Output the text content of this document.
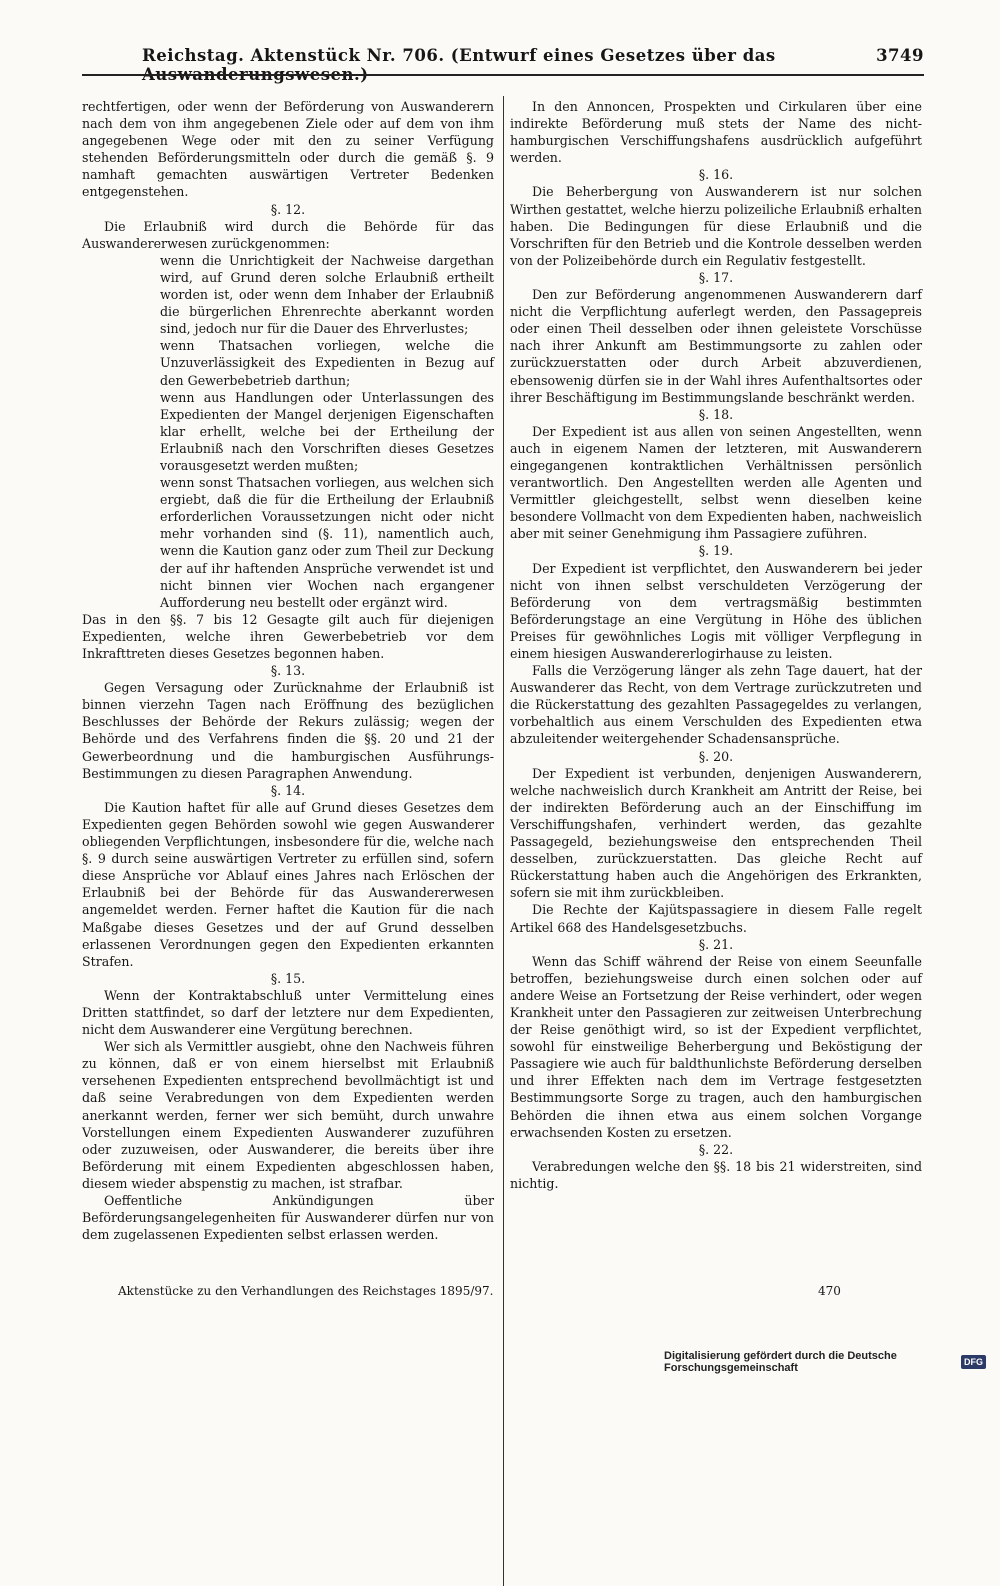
Reichstag. Aktenstück Nr. 706. (Entwurf eines Gesetzes über das Auswanderungswesen.)
3749

rechtfertigen, oder wenn der Beförderung von Auswanderern nach dem von ihm angegebenen Ziele oder auf dem von ihm angegebenen Wege oder mit den zu seiner Verfügung stehenden Beförderungsmitteln oder durch die gemäß §. 9 namhaft gemachten auswärtigen Vertreter Bedenken entgegenstehen.

§. 12.

Die Erlaubniß wird durch die Behörde für das Auswandererwesen zurückgenommen:

wenn die Unrichtigkeit der Nachweise dargethan wird, auf Grund deren solche Erlaubniß ertheilt worden ist, oder wenn dem Inhaber der Erlaubniß die bürgerlichen Ehrenrechte aberkannt worden sind, jedoch nur für die Dauer des Ehrverlustes;

wenn Thatsachen vorliegen, welche die Unzuverlässigkeit des Expedienten in Bezug auf den Gewerbebetrieb darthun;

wenn aus Handlungen oder Unterlassungen des Expedienten der Mangel derjenigen Eigenschaften klar erhellt, welche bei der Ertheilung der Erlaubniß nach den Vorschriften dieses Gesetzes vorausgesetzt werden mußten;

wenn sonst Thatsachen vorliegen, aus welchen sich ergiebt, daß die für die Ertheilung der Erlaubniß erforderlichen Voraussetzungen nicht oder nicht mehr vorhanden sind (§. 11), namentlich auch, wenn die Kaution ganz oder zum Theil zur Deckung der auf ihr haftenden Ansprüche verwendet ist und nicht binnen vier Wochen nach ergangener Aufforderung neu bestellt oder ergänzt wird.

Das in den §§. 7 bis 12 Gesagte gilt auch für diejenigen Expedienten, welche ihren Gewerbebetrieb vor dem Inkrafttreten dieses Gesetzes begonnen haben.

§. 13.

Gegen Versagung oder Zurücknahme der Erlaubniß ist binnen vierzehn Tagen nach Eröffnung des bezüglichen Beschlusses der Behörde der Rekurs zulässig; wegen der Behörde und des Verfahrens finden die §§. 20 und 21 der Gewerbeordnung und die hamburgischen Ausführungs-Bestimmungen zu diesen Paragraphen Anwendung.

§. 14.

Die Kaution haftet für alle auf Grund dieses Gesetzes dem Expedienten gegen Behörden sowohl wie gegen Auswanderer obliegenden Verpflichtungen, insbesondere für die, welche nach §. 9 durch seine auswärtigen Vertreter zu erfüllen sind, sofern diese Ansprüche vor Ablauf eines Jahres nach Erlöschen der Erlaubniß bei der Behörde für das Auswandererwesen angemeldet werden. Ferner haftet die Kaution für die nach Maßgabe dieses Gesetzes und der auf Grund desselben erlassenen Verordnungen gegen den Expedienten erkannten Strafen.

§. 15.

Wenn der Kontraktabschluß unter Vermittelung eines Dritten stattfindet, so darf der letztere nur dem Expedienten, nicht dem Auswanderer eine Vergütung berechnen.

Wer sich als Vermittler ausgiebt, ohne den Nachweis führen zu können, daß er von einem hierselbst mit Erlaubniß versehenen Expedienten entsprechend bevollmächtigt ist und daß seine Verabredungen von dem Expedienten werden anerkannt werden, ferner wer sich bemüht, durch unwahre Vorstellungen einem Expedienten Auswanderer zuzuführen oder zuzuweisen, oder Auswanderer, die bereits über ihre Beförderung mit einem Expedienten abgeschlossen haben, diesem wieder abspenstig zu machen, ist strafbar.

Oeffentliche Ankündigungen über Beförderungsangelegenheiten für Auswanderer dürfen nur von dem zugelassenen Expedienten selbst erlassen werden.

In den Annoncen, Prospekten und Cirkularen über eine indirekte Beförderung muß stets der Name des nicht-hamburgischen Verschiffungshafens ausdrücklich aufgeführt werden.

§. 16.

Die Beherbergung von Auswanderern ist nur solchen Wirthen gestattet, welche hierzu polizeiliche Erlaubniß erhalten haben. Die Bedingungen für diese Erlaubniß und die Vorschriften für den Betrieb und die Kontrole desselben werden von der Polizeibehörde durch ein Regulativ festgestellt.

§. 17.

Den zur Beförderung angenommenen Auswanderern darf nicht die Verpflichtung auferlegt werden, den Passagepreis oder einen Theil desselben oder ihnen geleistete Vorschüsse nach ihrer Ankunft am Bestimmungsorte zu zahlen oder zurückzuerstatten oder durch Arbeit abzuverdienen, ebensowenig dürfen sie in der Wahl ihres Aufenthaltsortes oder ihrer Beschäftigung im Bestimmungslande beschränkt werden.

§. 18.

Der Expedient ist aus allen von seinen Angestellten, wenn auch in eigenem Namen der letzteren, mit Auswanderern eingegangenen kontraktlichen Verhältnissen persönlich verantwortlich. Den Angestellten werden alle Agenten und Vermittler gleichgestellt, selbst wenn dieselben keine besondere Vollmacht von dem Expedienten haben, nachweislich aber mit seiner Genehmigung ihm Passagiere zuführen.

§. 19.

Der Expedient ist verpflichtet, den Auswanderern bei jeder nicht von ihnen selbst verschuldeten Verzögerung der Beförderung von dem vertragsmäßig bestimmten Beförderungstage an eine Vergütung in Höhe des üblichen Preises für gewöhnliches Logis mit völliger Verpflegung in einem hiesigen Auswandererlogirhause zu leisten.

Falls die Verzögerung länger als zehn Tage dauert, hat der Auswanderer das Recht, von dem Vertrage zurückzutreten und die Rückerstattung des gezahlten Passagegeldes zu verlangen, vorbehaltlich aus einem Verschulden des Expedienten etwa abzuleitender weitergehender Schadensansprüche.

§. 20.

Der Expedient ist verbunden, denjenigen Auswanderern, welche nachweislich durch Krankheit am Antritt der Reise, bei der indirekten Beförderung auch an der Einschiffung im Verschiffungshafen, verhindert werden, das gezahlte Passagegeld, beziehungsweise den entsprechenden Theil desselben, zurückzuerstatten. Das gleiche Recht auf Rückerstattung haben auch die Angehörigen des Erkrankten, sofern sie mit ihm zurückbleiben.

Die Rechte der Kajütspassagiere in diesem Falle regelt Artikel 668 des Handelsgesetzbuchs.

§. 21.

Wenn das Schiff während der Reise von einem Seeunfalle betroffen, beziehungsweise durch einen solchen oder auf andere Weise an Fortsetzung der Reise verhindert, oder wegen Krankheit unter den Passagieren zur zeitweisen Unterbrechung der Reise genöthigt wird, so ist der Expedient verpflichtet, sowohl für einstweilige Beherbergung und Beköstigung der Passagiere wie auch für baldthunlichste Beförderung derselben und ihrer Effekten nach dem im Vertrage festgesetzten Bestimmungsorte Sorge zu tragen, auch den hamburgischen Behörden die ihnen etwa aus einem solchen Vorgange erwachsenden Kosten zu ersetzen.

§. 22.

Verabredungen welche den §§. 18 bis 21 widerstreiten, sind nichtig.

Aktenstücke zu den Verhandlungen des Reichstages 1895/97.	470
Digitalisierung gefördert durch die Deutsche Forschungsgemeinschaft	DFG
